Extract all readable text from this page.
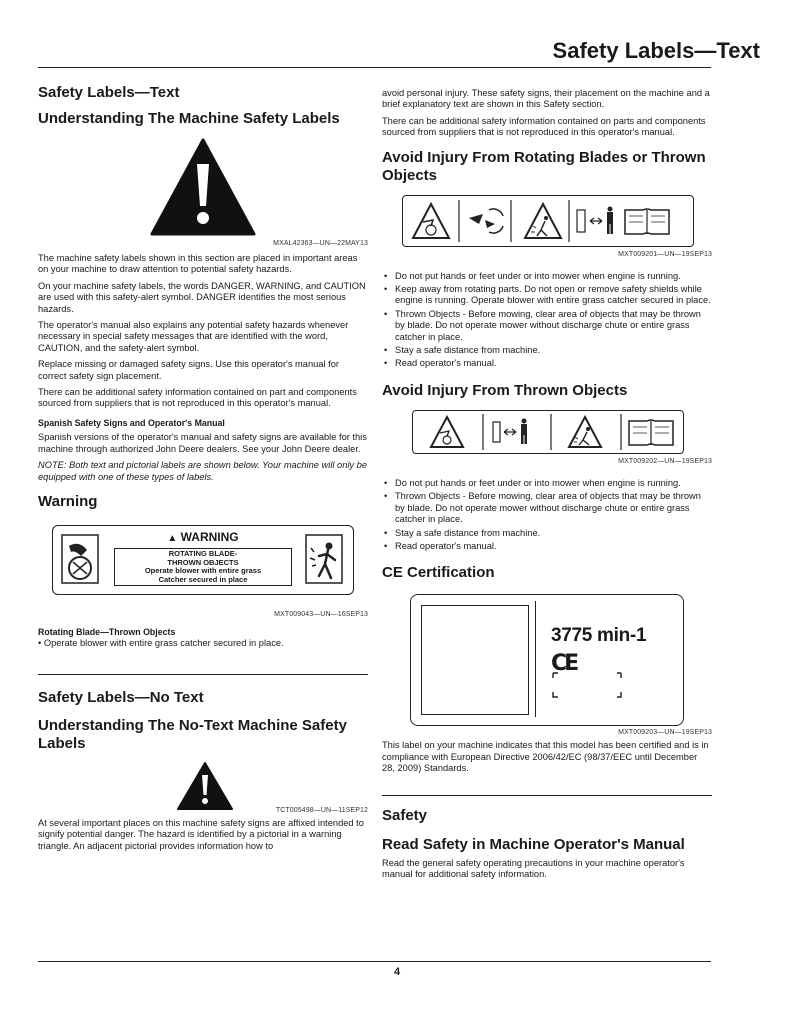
Safety Labels—Text
Safety Labels—Text
Understanding The Machine Safety Labels
MXAL42363—UN—22MAY13

The machine safety labels shown in this section are placed in important areas on your machine to draw attention to potential safety hazards.

On your machine safety labels, the words DANGER, WARNING, and CAUTION are used with this safety-alert symbol. DANGER identifies the most serious hazards.

The operator's manual also explains any potential safety hazards whenever necessary in special safety messages that are identified with the word, CAUTION, and the safety-alert symbol.

Replace missing or damaged safety signs. Use this operator's manual for correct safety sign placement.

There can be additional safety information contained on part and components sourced from suppliers that is not reproduced in this operator's manual.

Spanish Safety Signs and Operator's Manual

Spanish versions of the operator's manual and safety signs are available for this machine through authorized John Deere dealers. See your John Deere dealer.

NOTE: Both text and pictorial labels are shown below. Your machine will only be equipped with one of these types of labels.

Warning
▲ WARNING
ROTATING BLADE-
THROWN OBJECTS
Operate blower with entire grass
Catcher secured in place
MXT009043—UN—16SEP13
Rotating Blade—Thrown Objects

• Operate blower with entire grass catcher secured in place.

Safety Labels—No Text
Understanding The No-Text Machine Safety Labels
TCT005498—UN—11SEP12

At several important places on this machine safety signs are affixed intended to signify potential danger. The hazard is identified by a pictorial in a warning triangle. An adjacent pictorial provides information how to

avoid personal injury. These safety signs, their placement on the machine and a brief explanatory text are shown in this Safety section.

There can be additional safety information contained on parts and components sourced from suppliers that is not reproduced in this operator's manual.

Avoid Injury From Rotating Blades or Thrown Objects
MXT009201—UN—19SEP13
• Do not put hands or feet under or into mower when engine is running.
• Keep away from rotating parts. Do not open or remove safety shields while engine is running. Operate blower with entire grass catcher secured in place.
• Thrown Objects - Before mowing, clear area of objects that may be thrown by blade. Do not operate mower without discharge chute or entire grass catcher in place.
• Stay a safe distance from machine.
• Read operator's manual.
Avoid Injury From Thrown Objects
MXT009202—UN—19SEP13
• Do not put hands or feet under or into mower when engine is running.
• Thrown Objects - Before mowing, clear area of objects that may be thrown by blade. Do not operate mower without discharge chute or entire grass catcher in place.
• Stay a safe distance from machine.
• Read operator's manual.
CE Certification
3775 min-1
CE
MXT009203—UN—19SEP13

This label on your machine indicates that this model has been certified and is in compliance with European Directive 2006/42/EC (98/37/EEC until December 28, 2009) Standards.

Safety
Read Safety in Machine Operator's Manual

Read the general safety operating precautions in your machine operator's manual for additional safety information.

4
